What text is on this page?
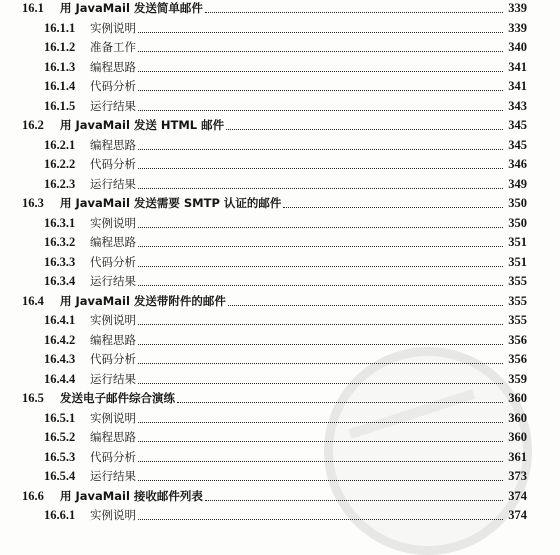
16.1	用 JavaMail 发送简单邮件	339
16.1.1	实例说明	339
16.1.2	准备工作	340
16.1.3	编程思路	341
16.1.4	代码分析	341
16.1.5	运行结果	343
16.2	用 JavaMail 发送 HTML 邮件	345
16.2.1	编程思路	345
16.2.2	代码分析	346
16.2.3	运行结果	349
16.3	用 JavaMail 发送需要 SMTP 认证的邮件	350
16.3.1	实例说明	350
16.3.2	编程思路	351
16.3.3	代码分析	351
16.3.4	运行结果	355
16.4	用 JavaMail 发送带附件的邮件	355
16.4.1	实例说明	355
16.4.2	编程思路	356
16.4.3	代码分析	356
16.4.4	运行结果	359
16.5	发送电子邮件综合演练	360
16.5.1	实例说明	360
16.5.2	编程思路	360
16.5.3	代码分析	361
16.5.4	运行结果	373
16.6	用 JavaMail 接收邮件列表	374
16.6.1	实例说明	374
